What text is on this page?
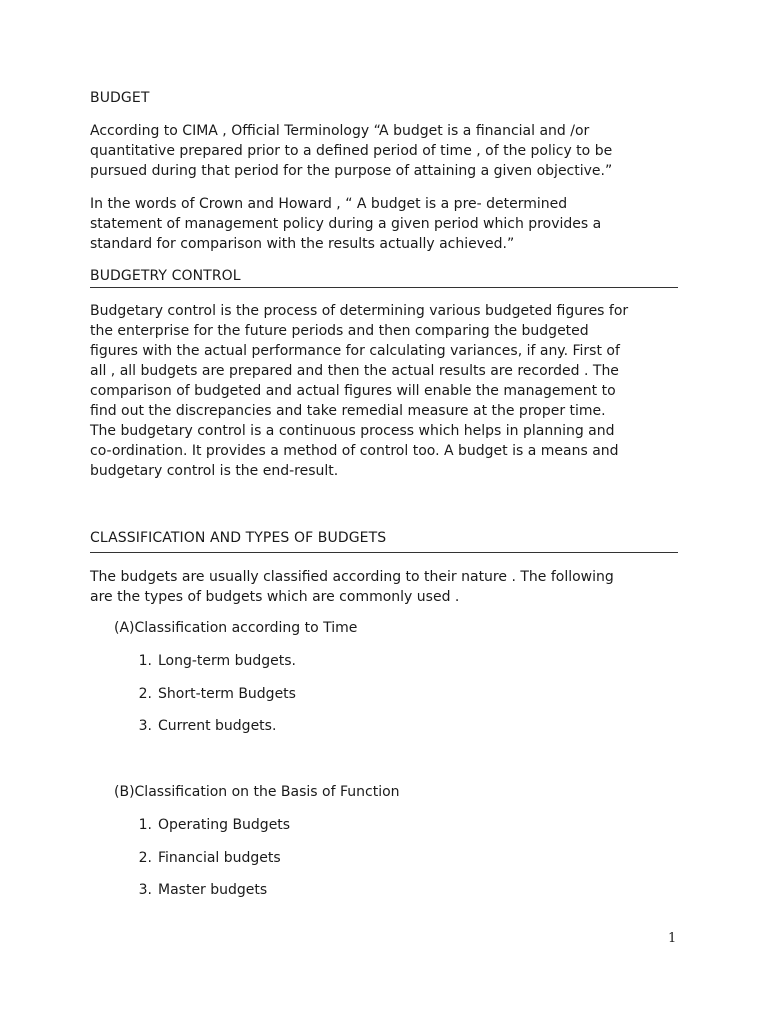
BUDGET

According to CIMA , Official Terminology “A budget is a financial and /or
quantitative prepared prior to a defined period of time , of the policy to be
pursued during that period for the purpose of attaining a given objective.”

In the words of Crown and Howard , “ A budget is a pre- determined
statement of management policy during a given period which provides a
standard for comparison with the results actually achieved.”

BUDGETRY CONTROL

Budgetary control is the process of determining various budgeted figures for
the enterprise for the future periods and then comparing the budgeted
figures with the actual performance for calculating variances, if any. First of
all , all budgets are prepared and then the actual results are recorded . The
comparison of budgeted and actual figures will enable the management to
find out the discrepancies and take remedial measure at the proper time.
The budgetary control is a continuous process which helps in planning and
co-ordination. It provides a method of control too. A budget is a means and
budgetary control is the end-result.

CLASSIFICATION AND TYPES OF BUDGETS

The budgets are usually classified according to their nature . The following
are the types of budgets which are commonly used .

(A)Classification according to Time

1. Long-term budgets.
2. Short-term Budgets
3. Current budgets.

(B)Classification on the Basis of Function

1. Operating Budgets
2. Financial budgets
3. Master budgets
1
